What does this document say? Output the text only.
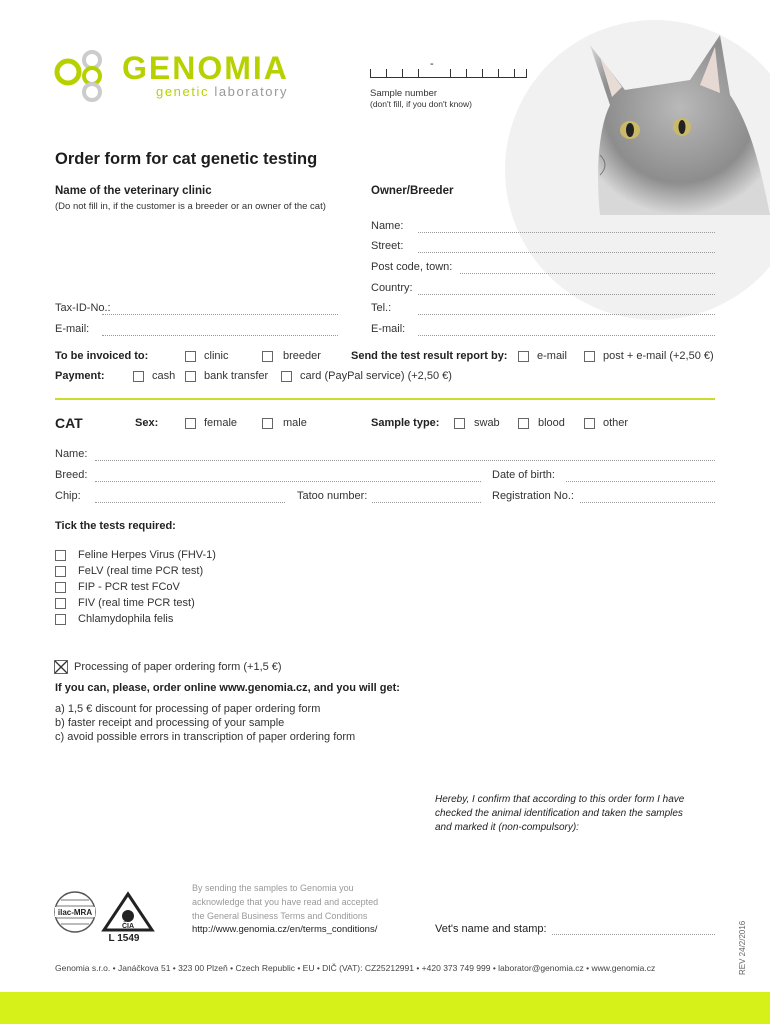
GENOMIA
genetic laboratory
-
Sample number
(don't fill, if you don't know)
Order form for cat genetic testing
Name of the veterinary clinic
(Do not fill in, if the customer is a breeder or an owner of the cat)
Owner/Breeder
Name:
Street:
Post code, town:
Country:
Tax-ID-No.:	Tel.:
E-mail:	E-mail:
To be invoiced to:	clinic	breeder	Send the test result report by:	e-mail	post + e-mail (+2,50 €)
Payment:	cash	bank transfer	card (PayPal service) (+2,50 €)
CAT	Sex:	female	male	Sample type:	swab	blood	other
Name:
Breed:	Date of birth:
Chip:	Tatoo number:	Registration No.:
Tick the tests required:
Feline Herpes Virus (FHV-1)
FeLV (real time PCR test)
FIP - PCR test FCoV
FIV (real time PCR test)
Chlamydophila felis
Processing of paper ordering form (+1,5 €)
If you can, please, order online www.genomia.cz, and you will get:
a) 1,5 € discount for processing of paper ordering form
b) faster receipt and processing of your sample
c) avoid possible errors in transcription of paper ordering form
Hereby, I confirm that according to this order form I have
checked the animal identification and taken the samples
and marked it (non-compulsory):
ilac-MRA
ČIA
L 1549
By sending the samples to Genomia you
acknowledge that you have read and accepted
the General Business Terms and Conditions
http://www.genomia.cz/en/terms_conditions/	Vet's name and stamp:	REV 24/2/2016
Genomia s.r.o. • Janáčkova 51 • 323 00 Plzeň • Czech Republic • EU • DIČ (VAT): CZ25212991 • +420 373 749 999 • laborator@genomia.cz • www.genomia.cz
